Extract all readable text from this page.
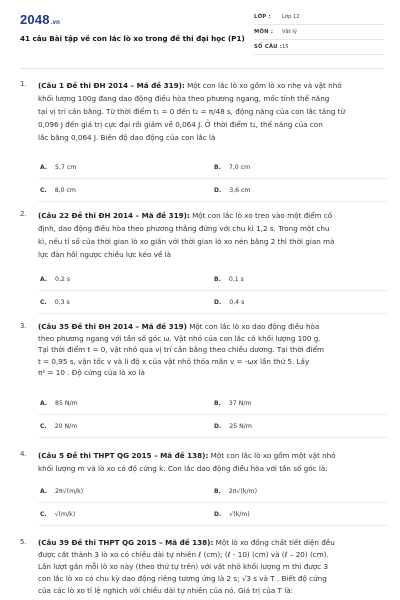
2048.vn
41 câu Bài tập về con lắc lò xo trong đề thi đại học (P1)
LỚP : Lớp 12
MÔN : Vật lý
SỐ CÂU : 15
1. (Câu 1 Đề thi ĐH 2014 – Mã đề 319): Một con lắc lò xo gồm lò xo nhẹ và vật nhỏ
khối lượng 100g đang dao động điều hòa theo phương ngang, mốc tính thế năng
tại vị trí cân bằng. Từ thời điểm t₁ = 0 đến t₂ = π/48 s, động năng của con lắc tăng từ
0,096 J đến giá trị cực đại rồi giảm về 0,064 J. Ở thời điểm t₂, thế năng của con
lắc bằng 0,064 J. Biên độ dao động của con lắc là
A. 5,7 cm	B. 7,0 cm
C. 8,0 cm	D. 3,6 cm
2. (Câu 22 Đề thi ĐH 2014 – Mã đề 319): Một con lắc lò xo treo vào một điểm cố
định, dao động điều hòa theo phương thẳng đứng với chu kì 1,2 s. Trong một chu
kì, nếu tỉ số của thời gian lò xo giãn với thời gian lò xo nén bằng 2 thì thời gian mà
lực đàn hồi ngược chiều lực kéo về là
A. 0,2 s	B. 0,1 s
C. 0,3 s	D. 0,4 s
3. (Câu 35 Đề thi ĐH 2014 – Mã đề 319) Một con lắc lò xo dao động điều hòa
theo phương ngang với tần số góc ω. Vật nhỏ của con lắc có khối lượng 100 g.
Tại thời điểm t = 0, vật nhỏ qua vị trí cân bằng theo chiều dương. Tại thời điểm
t = 0,95 s, vận tốc v và li độ x của vật nhỏ thỏa mãn v = -ωx lần thứ 5. Lấy
π² = 10 . Độ cứng của lò xo là
A. 85 N/m	B. 37 N/m
C. 20 N/m	D. 25 N/m
4. (Câu 5 Đề thi THPT QG 2015 – Mã đề 138): Một con lắc lò xo gồm một vật nhỏ
khối lượng m và lò xo có độ cứng k. Con lắc dao động điều hòa với tần số góc là:
A. 2π√(m/k)	B. 2π√(k/m)
C. √(m/k)	D. √(k/m)
5. (Câu 39 Đề thi THPT QG 2015 – Mã đề 138): Một lò xo đồng chất tiết diện đều
được cắt thành 3 lò xo có chiều dài tự nhiên ℓ (cm); (ℓ - 10) (cm) và (ℓ – 20) (cm).
Lần lượt gắn mỗi lò xo này (theo thứ tự trên) với vật nhỏ khối lượng m thì được 3
con lắc lò xo có chu kỳ dao động riêng tương ứng là 2 s; √3 s và T . Biết độ cứng
của các lò xo tỉ lệ nghịch với chiều dài tự nhiên của nó. Giá trị của T là:
